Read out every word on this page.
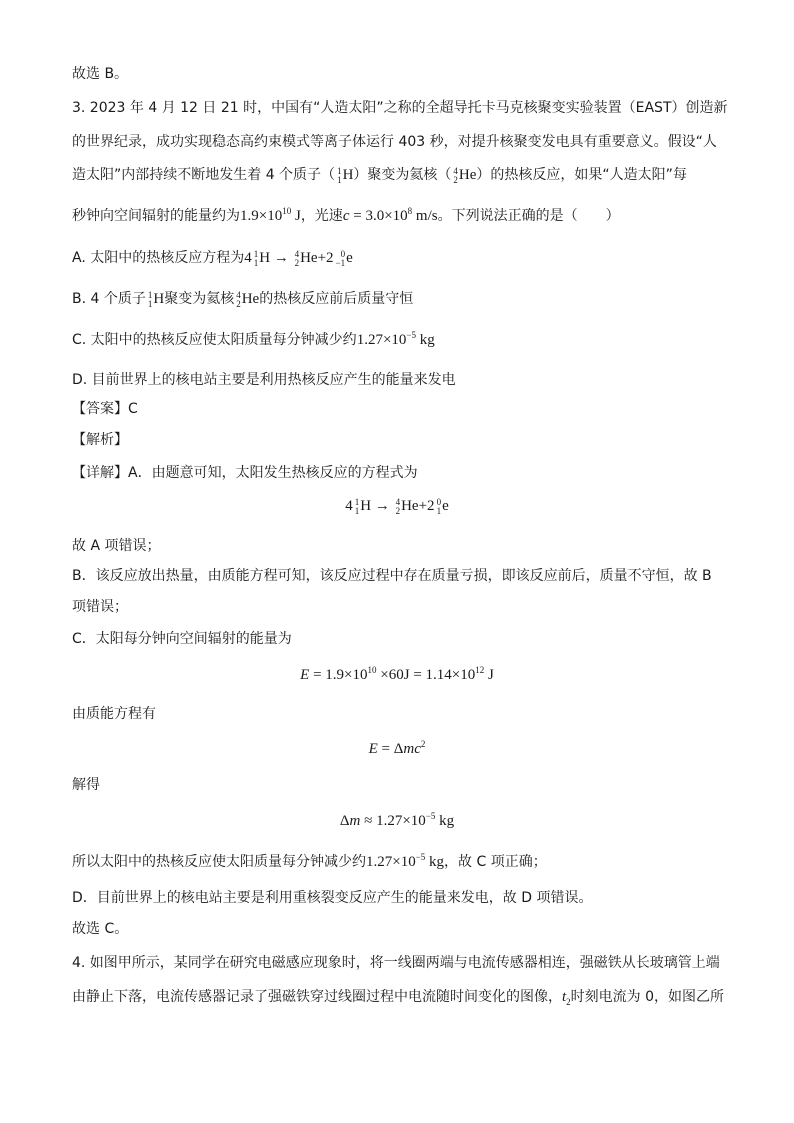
故选 B。
3. 2023 年 4 月 12 日 21 时，中国有“人造太阳”之称的全超导托卡马克核聚变实验装置（EAST）创造新
的世界纪录，成功实现稳态高约束模式等离子体运行 403 秒，对提升核聚变发电具有重要意义。假设“人
造太阳”内部持续不断地发生着 4 个质子（ 1
1 H）聚变为氦核（ 4
2 He）的热核反应，如果“人造太阳”每
秒钟向空间辐射的能量约为$1.9\times 10^{10}$ J，光速$c = 3.0\times 10^8$ m/s。下列说法正确的是（　　）
A. 太阳中的热核反应方程为4 1
1 H → 4
2 He+2 0
−1 e
B. 4 个质子 1
1 H聚变为氦核 4
2 He的热核反应前后质量守恒
C. 太阳中的热核反应使太阳质量每分钟减少约$1.27\times 10^{-5}$ kg
D. 目前世界上的核电站主要是利用热核反应产生的能量来发电
【答案】C
【解析】
【详解】A．由题意可知，太阳发生热核反应的方程式为
4 1
1 H → 4
2 He+2 0
1 e
故 A 项错误；
B．该反应放出热量，由质能方程可知，该反应过程中存在质量亏损，即该反应前后，质量不守恒，故 B
项错误；
C．太阳每分钟向空间辐射的能量为
$E = 1.9\times 10^{10} \times 60J = 1.14\times 10^{12}$ J
由质能方程有
E = Δmc$^2$
解得
$\Delta m \approx 1.27\times 10^{-5}$ kg
所以太阳中的热核反应使太阳质量每分钟减少约$1.27\times 10^{-5}$ kg，故 C 项正确；
D．目前世界上的核电站主要是利用重核裂变反应产生的能量来发电，故 D 项错误。
故选 C。
4. 如图甲所示，某同学在研究电磁感应现象时，将一线圈两端与电流传感器相连，强磁铁从长玻璃管上端
由静止下落，电流传感器记录了强磁铁穿过线圈过程中电流随时间变化的图像，$t_2$时刻电流为 0，如图乙所
